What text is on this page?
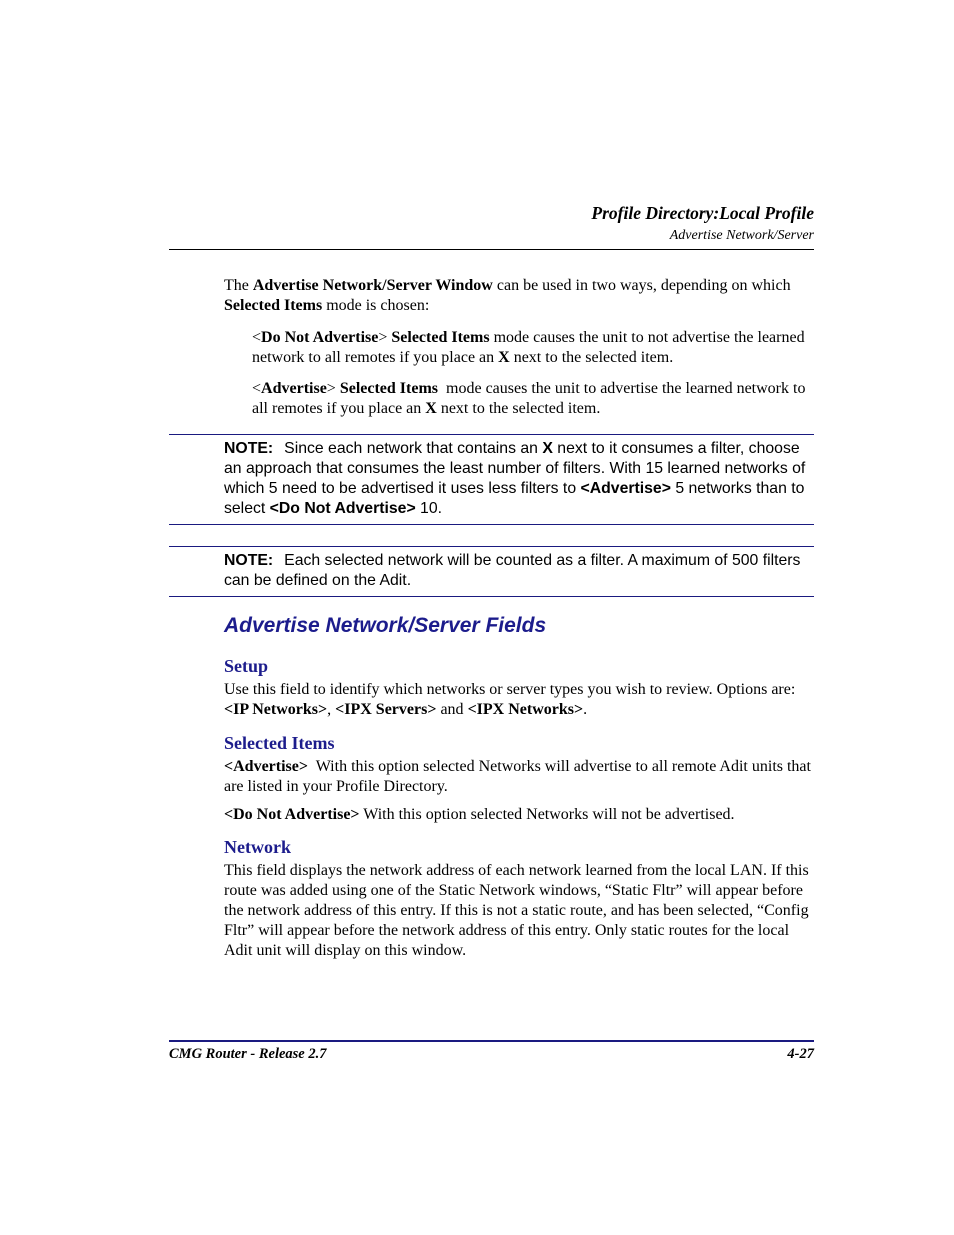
Profile Directory:Local Profile
Advertise Network/Server
The Advertise Network/Server Window can be used in two ways, depending on which Selected Items mode is chosen:
<Do Not Advertise> Selected Items mode causes the unit to not advertise the learned network to all remotes if you place an X next to the selected item.
<Advertise> Selected Items  mode causes the unit to advertise the learned network to all remotes if you place an X next to the selected item.
NOTE: Since each network that contains an X next to it consumes a filter, choose an approach that consumes the least number of filters. With 15 learned networks of which 5 need to be advertised it uses less filters to <Advertise> 5 networks than to select <Do Not Advertise> 10.
NOTE: Each selected network will be counted as a filter. A maximum of 500 filters can be defined on the Adit.
Advertise Network/Server Fields
Setup
Use this field to identify which networks or server types you wish to review. Options are: <IP Networks>, <IPX Servers> and <IPX Networks>.
Selected Items
<Advertise>  With this option selected Networks will advertise to all remote Adit units that are listed in your Profile Directory.
<Do Not Advertise> With this option selected Networks will not be advertised.
Network
This field displays the network address of each network learned from the local LAN. If this route was added using one of the Static Network windows, “Static Fltr” will appear before the network address of this entry. If this is not a static route, and has been selected, “Config Fltr” will appear before the network address of this entry. Only static routes for the local Adit unit will display on this window.
CMG Router - Release 2.7	4-27
